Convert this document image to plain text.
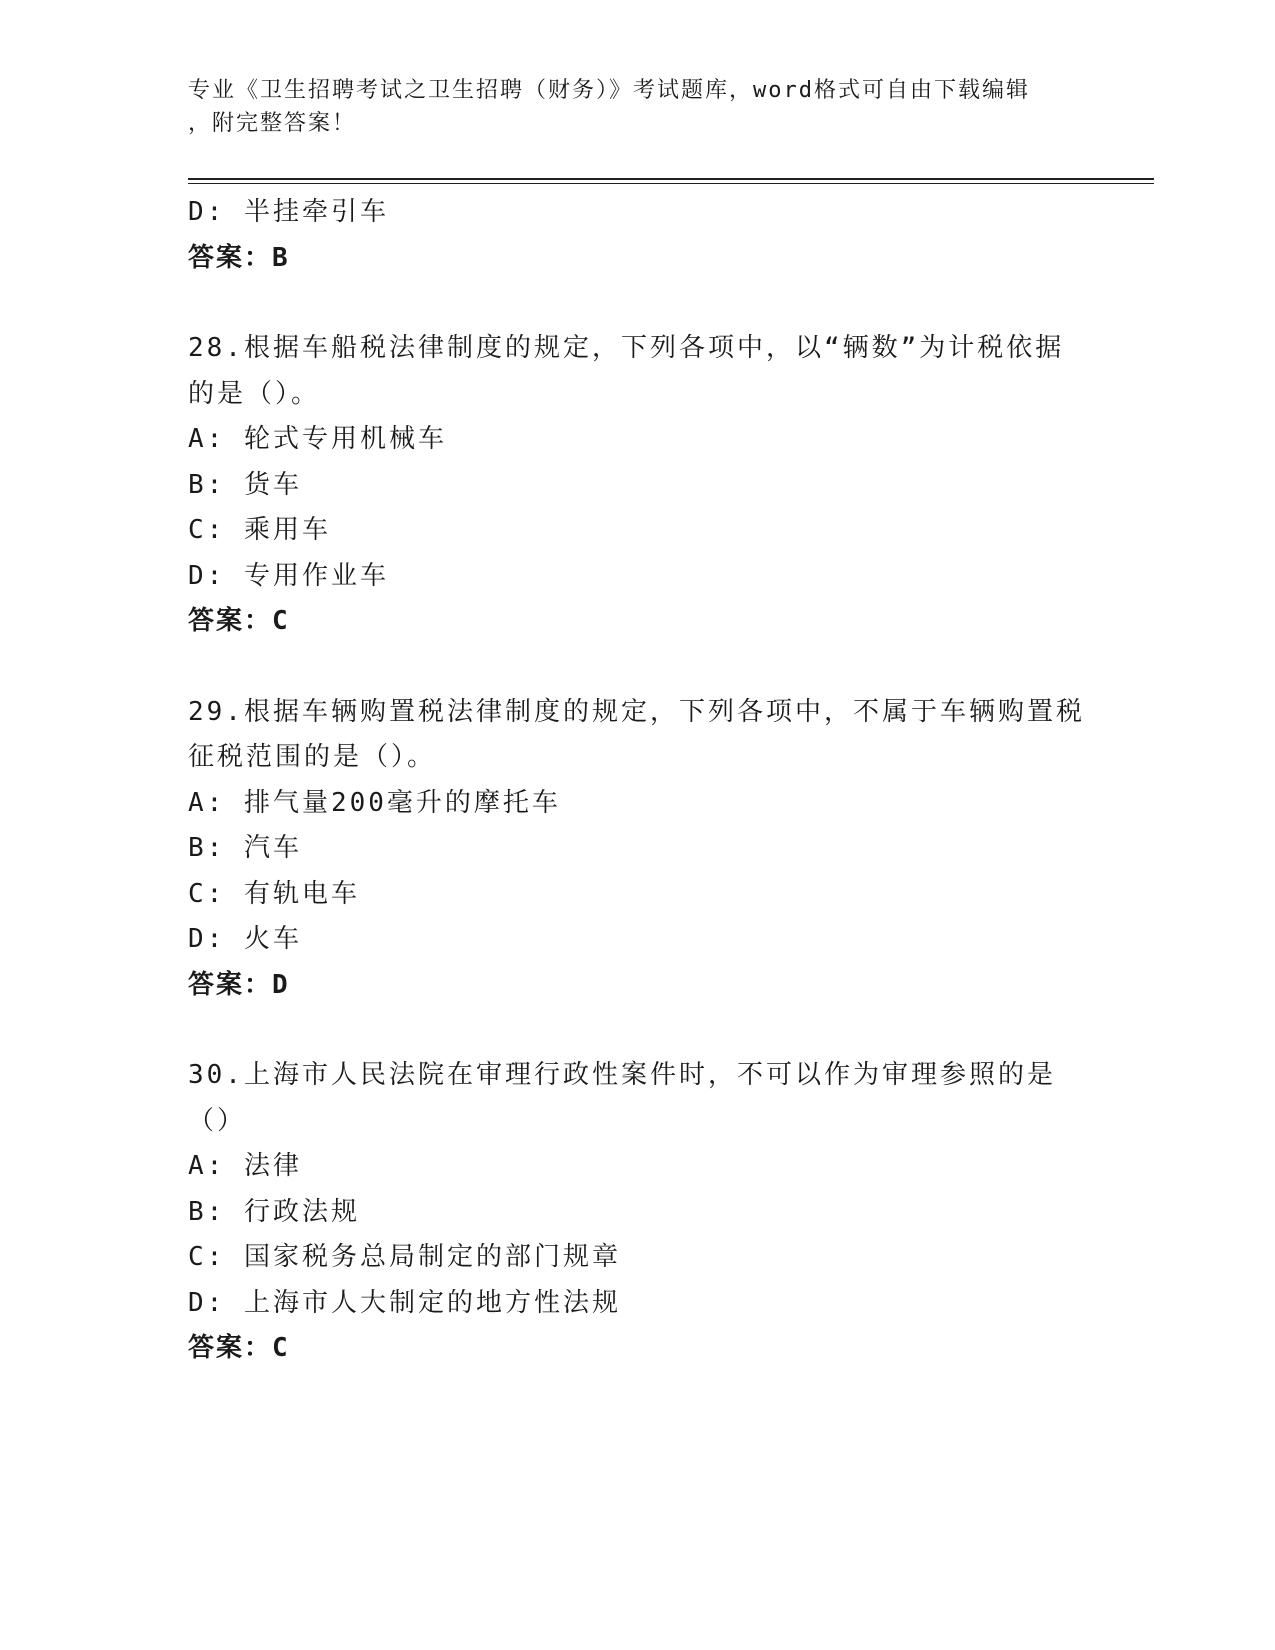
专业《卫生招聘考试之卫生招聘（财务）》考试题库，word格式可自由下载编辑
，附完整答案！
D: 半挂牵引车
答案：B
28.根据车船税法律制度的规定，下列各项中，以“辆数”为计税依据的是（）。
A: 轮式专用机械车
B: 货车
C: 乘用车
D: 专用作业车
答案：C
29.根据车辆购置税法律制度的规定，下列各项中，不属于车辆购置税征税范围的是（）。
A: 排气量200毫升的摩托车
B: 汽车
C: 有轨电车
D: 火车
答案：D
30.上海市人民法院在审理行政性案件时，不可以作为审理参照的是（）
A: 法律
B: 行政法规
C: 国家税务总局制定的部门规章
D: 上海市人大制定的地方性法规
答案：C
